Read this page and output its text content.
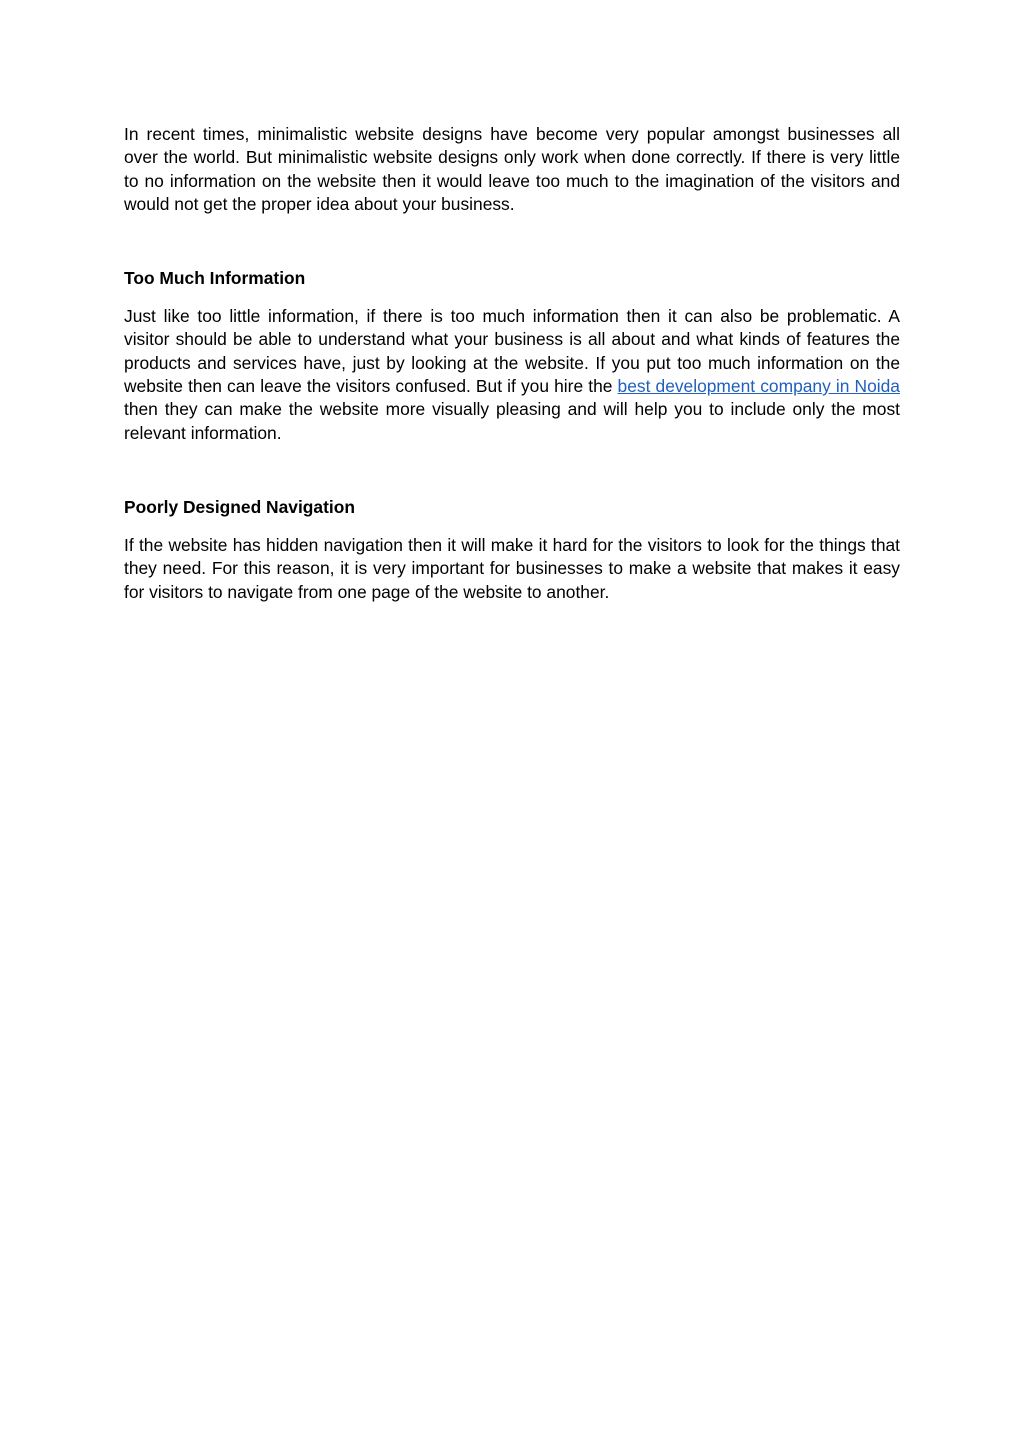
In recent times, minimalistic website designs have become very popular amongst businesses all over the world. But minimalistic website designs only work when done correctly. If there is very little to no information on the website then it would leave too much to the imagination of the visitors and would not get the proper idea about your business.

Too Much Information

Just like too little information, if there is too much information then it can also be problematic. A visitor should be able to understand what your business is all about and what kinds of features the products and services have, just by looking at the website. If you put too much information on the website then can leave the visitors confused. But if you hire the best development company in Noida then they can make the website more visually pleasing and will help you to include only the most relevant information.

Poorly Designed Navigation

If the website has hidden navigation then it will make it hard for the visitors to look for the things that they need. For this reason, it is very important for businesses to make a website that makes it easy for visitors to navigate from one page of the website to another.
